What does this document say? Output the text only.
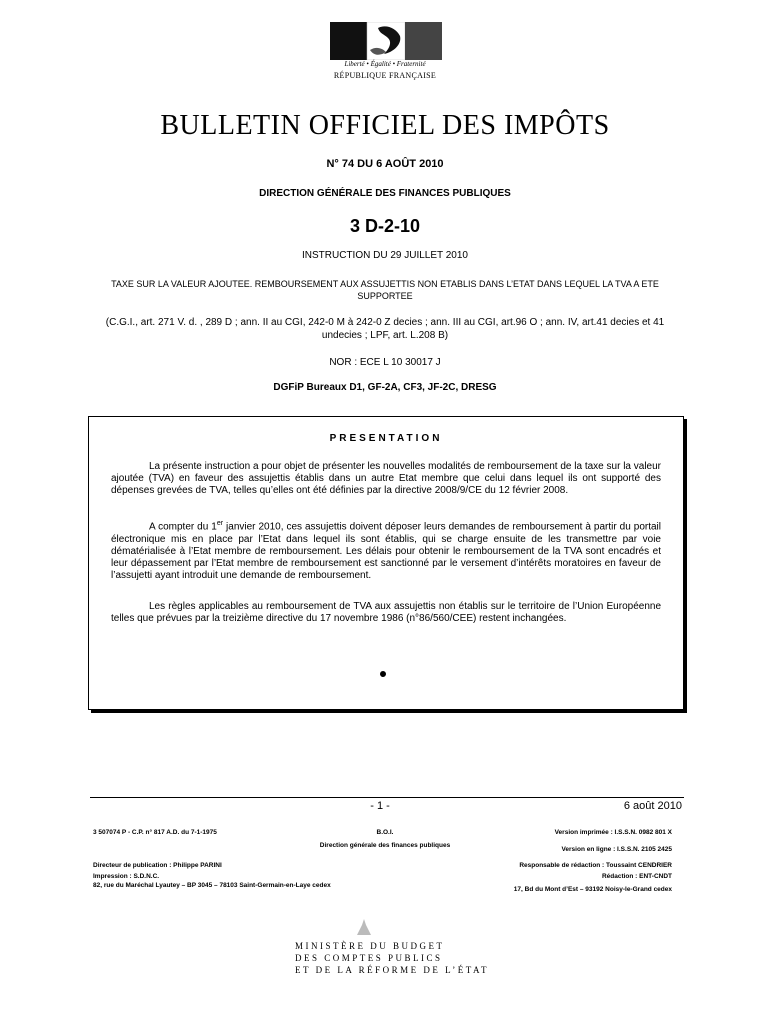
Liberté • Égalité • Fraternité
RÉPUBLIQUE FRANÇAISE
BULLETIN OFFICIEL DES IMPÔTS
N° 74 DU 6 AOÛT 2010
DIRECTION GÉNÉRALE DES FINANCES PUBLIQUES
3 D-2-10
INSTRUCTION DU 29 JUILLET 2010
TAXE SUR LA VALEUR AJOUTEE. REMBOURSEMENT AUX ASSUJETTIS NON ETABLIS DANS L’ETAT DANS LEQUEL LA TVA A ETE SUPPORTEE
(C.G.I., art. 271 V. d. , 289 D ; ann. II au CGI, 242-0 M à 242-0 Z decies ; ann. III au CGI, art.96 O ; ann. IV, art.41 decies et 41 undecies ; LPF, art. L.208 B)
NOR : ECE L 10 30017 J
DGFiP Bureaux D1, GF-2A, CF3, JF-2C, DRESG
PRESENTATION
La présente instruction a pour objet de présenter les nouvelles modalités de remboursement de la taxe sur la valeur ajoutée (TVA) en faveur des assujettis établis dans un autre Etat membre que celui dans lequel ils ont supporté des dépenses grevées de TVA, telles qu’elles ont été définies par la directive 2008/9/CE du 12 février 2008.
A compter du 1er janvier 2010, ces assujettis doivent déposer leurs demandes de remboursement à partir du portail électronique mis en place par l’Etat dans lequel ils sont établis, qui se charge ensuite de les transmettre par voie dématérialisée à l’Etat membre de remboursement. Les délais pour obtenir le remboursement de la TVA sont encadrés et leur dépassement par l’Etat membre de remboursement est sanctionné par le versement d’intérêts moratoires en faveur de l’assujetti ayant introduit une demande de remboursement.
Les règles applicables au remboursement de TVA aux assujettis non établis sur le territoire de l’Union Européenne telles que prévues par la treizième directive du 17 novembre 1986 (n°86/560/CEE) restent inchangées.
- 1 -	6 août 2010
3 507074 P - C.P. n° 817 A.D. du 7-1-1975	B.O.I.	Version imprimée : I.S.S.N. 0982 801 X
Direction générale des finances publiques
Version en ligne : I.S.S.N. 2105 2425
Directeur de publication : Philippe PARINI	Responsable de rédaction : Toussaint CENDRIER
Impression : S.D.N.C.	Rédaction : ENT-CNDT
82, rue du Maréchal Lyautey – BP 3045 – 78103 Saint-Germain-en-Laye cedex
17, Bd du Mont d’Est – 93192 Noisy-le-Grand cedex
MINISTÈRE DU BUDGET
DES COMPTES PUBLICS
ET DE LA RÉFORME DE L’ÉTAT
